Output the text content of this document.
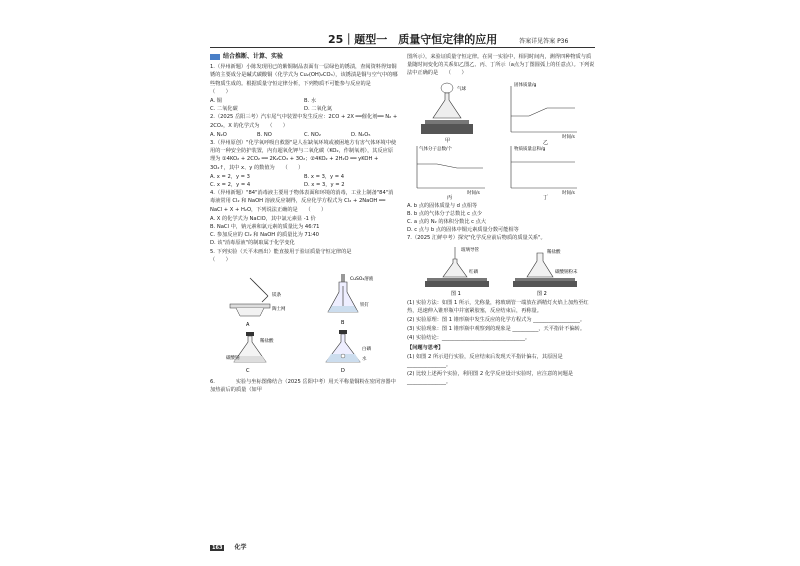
25｜题型一　质量守恒定律的应用	答案详见答案 P36
结合推断、计算、实验

1.（异州新题）小陈发现用已的紫铜制品表面有一层绿色的锈渍，查阅资料得知铜锈的主要成分是碱式碳酸铜（化学式为 Cu₂(OH)₂CO₃），该锈渍是铜与空气中的哪些物质生成的。根据质量守恒定律分析，下列物质不可能参与反应的是　　　　　（　　）

A. 铜	B. 水
C. 二氧化碳	D. 二氧化氮

2.（2025 岳阳三考）汽车尾气中装置中发生反应：2CO + 2X ══催化剂══ N₂ + 2CO₂，X 的化学式为　　（　　）

A. N₂O	B. NO	C. NO₂	D. N₂O₅

3.（异州原创）"化学氧呼吸自救器"是人在缺氧环境或被困地方有害气体环境中使用的一种安全防护装置，内有超氧化钾与二氧化碳（KO₂，作制氧剂），其反应原理为 ①4KO₂ + 2CO₂ ══ 2K₂CO₃ + 3O₂；②4KO₂ + 2H₂O ══ yKOH + 3O₂↑，其中 x、y 的数值为　　（　　）

A. x = 2，y = 3	B. x = 3，y = 4
C. x = 2，y = 4	D. x = 3，y = 2

4.（异州新题）"84"消毒液主要用于物体表面和环境的消毒，工业上制备"84"消毒液常用 Cl₂ 和 NaOH 溶液反应制得，反应化学方程式为 Cl₂ + 2NaOH ══ NaCl + X + H₂O，下列说法正确的是　　（　　）

A. X 的化学式为 NaClO，其中氯元素显 -1 价
B. NaCl 中，钠元素和氯元素的质量比为 46∶71
C. 参加反应的 Cl₂ 和 NaOH 的质量比为 71∶40
D. 该"消毒原液"的制取属于化学变化

5. 下列实验（天平未画出）能直接用于验证质量守恒定律的是　　　　　　　　　　（　　）

镁条
陶土网
A
CuSO₄溶液
铁钉
B
稀盐酸
碳酸钠
C
白磷
水
D

6.　　　　实验与坐标图像结合（2025 岳阳中考）用天平称量铜粉在密闭容器中加热前后的质量（如甲

图所示），来验证质量守恒定律。在同一实验中，相同时间内，测得四种物质与质量随时间变化的关系如乙图乙、丙、丁所示（a点为丁图圆弧上的任意点）。下列说法中正确的是　　（　　）

气球
甲
固体质量/g
时间/s
乙
气体分子总数/个
时间/s
丙
物质质量总和/g
时间/s
丁
A. b 点的固体质量与 d 点相等
B. b 点的气体分子总数比 c 点少
C. a 点的 N₂ 的体积分数比 c 点大
D. c 点与 b 点的固体中铜元素质量分数可能相等

7.（2025 汇鲜中考）探究"化学反应前后物质的质量关系"。

玻璃导管
红磷
图 1
稀盐酸
碳酸钠粉末
图 2

(1) 实验方法：如图 1 所示，先称量，将玻璃管一端放在酒精灯火焰上加热至红热，迅速伸入锥形瓶中并塞紧胶塞，反应结束后，再称量。

(2) 实验原理：图 1 锥形瓶中发生反应的化学方程式为 __________________。

(3) 实验现象：图 1 锥形瓶中观察到的现象是 __________，天平指针不偏转。

(4) 实验结论：________________________________。

【问题与思考】

(1) 如图 2 所示进行实验，反应结束后发现天平指针偏右，其原因是 _______________。

(2) 比较上述两个实验，利用图 2 化学反应设计实验时，应注意的问题是 _______________。

163 化学
